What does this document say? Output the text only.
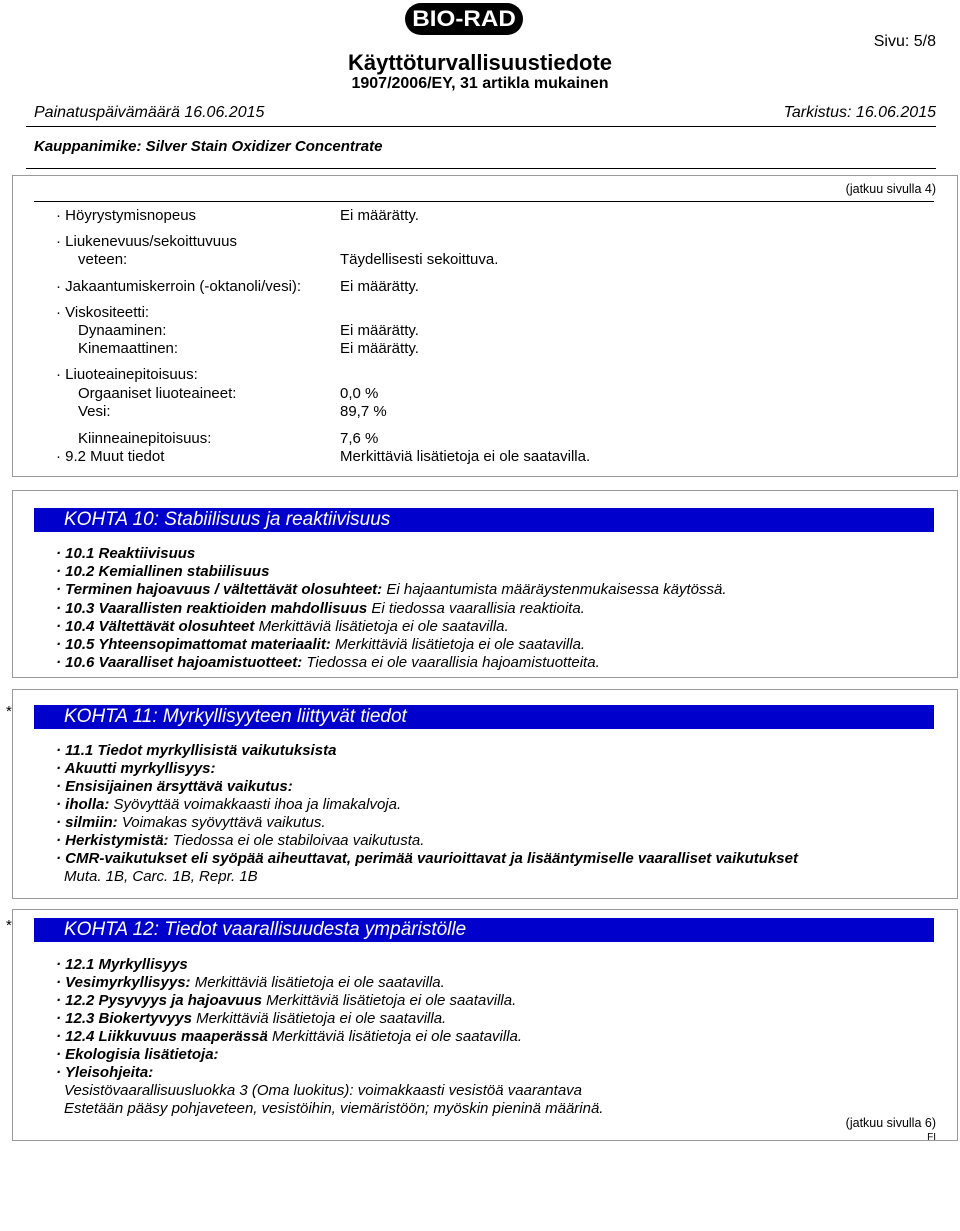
BIO-RAD
Käyttöturvallisuustiedote
1907/2006/EY, 31 artikla mukainen
Sivu: 5/8
Painatuspäivämäärä 16.06.2015	Tarkistus: 16.06.2015
Kauppanimike: Silver Stain Oxidizer Concentrate
(jatkuu sivulla 4)
· Höyrystymisnopeus	Ei määrätty.
· Liukenevuus/sekoittuvuus
veteen:	Täydellisesti sekoittuva.
· Jakaantumiskerroin (-oktanoli/vesi):	Ei määrätty.
· Viskositeetti:
Dynaaminen:	Ei määrätty.
Kinemaattinen:	Ei määrätty.
· Liuoteainepitoisuus:
Orgaaniset liuoteaineet:	0,0 %
Vesi:	89,7 %
Kiinneainepitoisuus:	7,6 %
· 9.2 Muut tiedot	Merkittäviä lisätietoja ei ole saatavilla.
KOHTA 10: Stabiilisuus ja reaktiivisuus
· 10.1 Reaktiivisuus
· 10.2 Kemiallinen stabiilisuus
· Terminen hajoavuus / vältettävät olosuhteet: Ei hajaantumista määräystenmukaisessa käytössä.
· 10.3 Vaarallisten reaktioiden mahdollisuus Ei tiedossa vaarallisia reaktioita.
· 10.4 Vältettävät olosuhteet Merkittäviä lisätietoja ei ole saatavilla.
· 10.5 Yhteensopimattomat materiaalit: Merkittäviä lisätietoja ei ole saatavilla.
· 10.6 Vaaralliset hajoamistuotteet: Tiedossa ei ole vaarallisia hajoamistuotteita.
*	KOHTA 11: Myrkyllisyyteen liittyvät tiedot
· 11.1 Tiedot myrkyllisistä vaikutuksista
· Akuutti myrkyllisyys:
· Ensisijainen ärsyttävä vaikutus:
· iholla: Syövyttää voimakkaasti ihoa ja limakalvoja.
· silmiin: Voimakas syövyttävä vaikutus.
· Herkistymistä: Tiedossa ei ole stabiloivaa vaikutusta.
· CMR-vaikutukset eli syöpää aiheuttavat, perimää vaurioittavat ja lisääntymiselle vaaralliset vaikutukset
Muta. 1B, Carc. 1B, Repr. 1B
*	KOHTA 12: Tiedot vaarallisuudesta ympäristölle
· 12.1 Myrkyllisyys
· Vesimyrkyllisyys: Merkittäviä lisätietoja ei ole saatavilla.
· 12.2 Pysyvyys ja hajoavuus Merkittäviä lisätietoja ei ole saatavilla.
· 12.3 Biokertyvyys Merkittäviä lisätietoja ei ole saatavilla.
· 12.4 Liikkuvuus maaperässä Merkittäviä lisätietoja ei ole saatavilla.
· Ekologisia lisätietoja:
· Yleisohjeita:
Vesistövaarallisuusluokka 3 (Oma luokitus): voimakkaasti vesistöä vaarantava
Estetään pääsy pohjaveteen, vesistöihin, viemäristöön; myöskin pieninä määrinä.
(jatkuu sivulla 6)
FI
